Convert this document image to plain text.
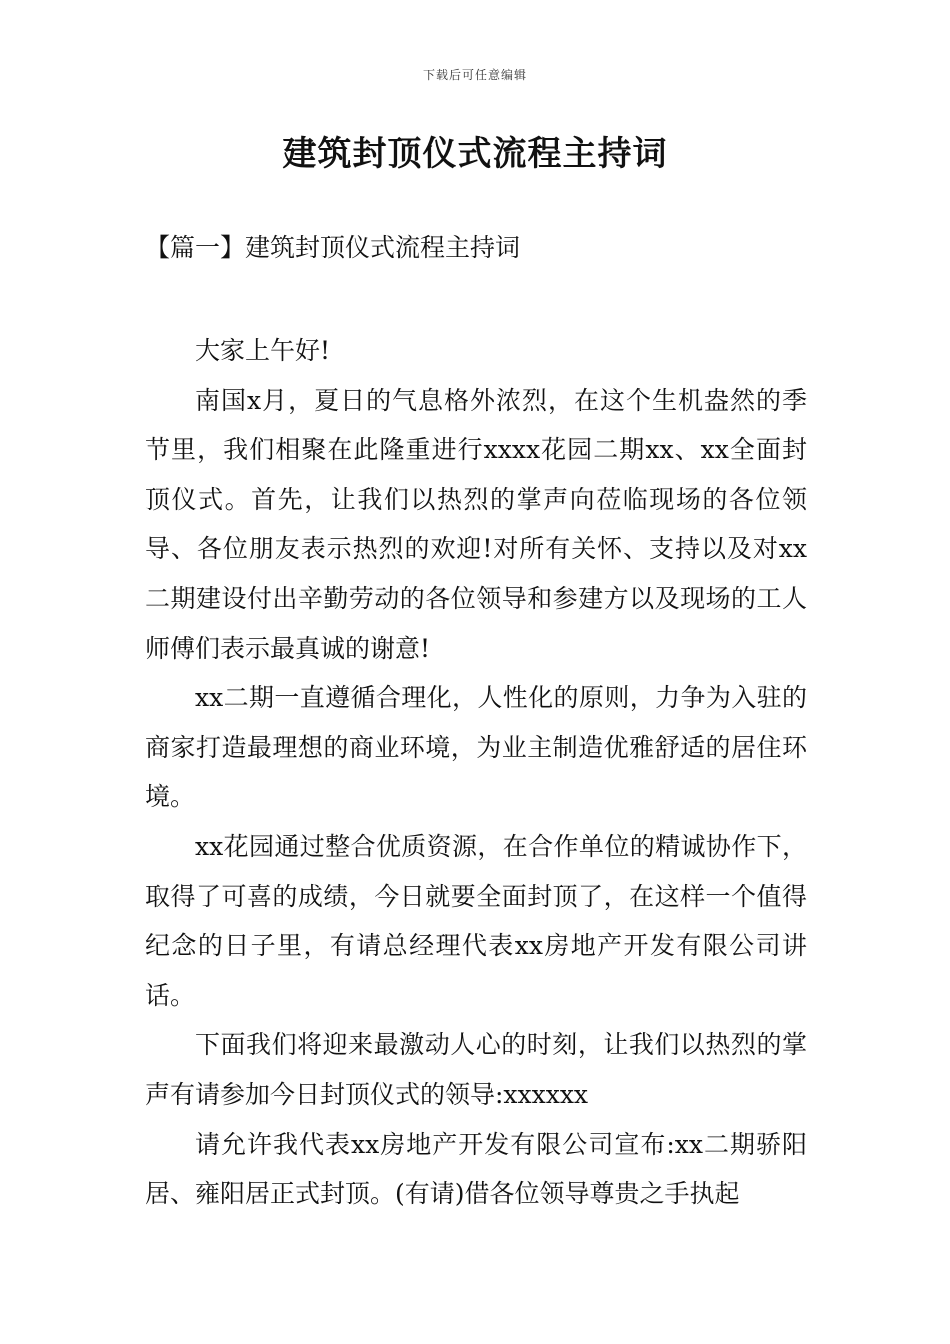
下载后可任意编辑
建筑封顶仪式流程主持词
【篇一】建筑封顶仪式流程主持词

大家上午好!

南国x月，夏日的气息格外浓烈，在这个生机盎然的季节里，我们相聚在此隆重进行xxxx花园二期xx、xx全面封顶仪式。首先，让我们以热烈的掌声向莅临现场的各位领导、各位朋友表示热烈的欢迎!对所有关怀、支持以及对xx二期建设付出辛勤劳动的各位领导和参建方以及现场的工人师傅们表示最真诚的谢意!

xx二期一直遵循合理化，人性化的原则，力争为入驻的商家打造最理想的商业环境，为业主制造优雅舒适的居住环境。

xx花园通过整合优质资源，在合作单位的精诚协作下，取得了可喜的成绩，今日就要全面封顶了，在这样一个值得纪念的日子里，有请总经理代表xx房地产开发有限公司讲话。

下面我们将迎来最激动人心的时刻，让我们以热烈的掌声有请参加今日封顶仪式的领导:xxxxxx

请允许我代表xx房地产开发有限公司宣布:xx二期骄阳居、雍阳居正式封顶。(有请)借各位领导尊贵之手执起
